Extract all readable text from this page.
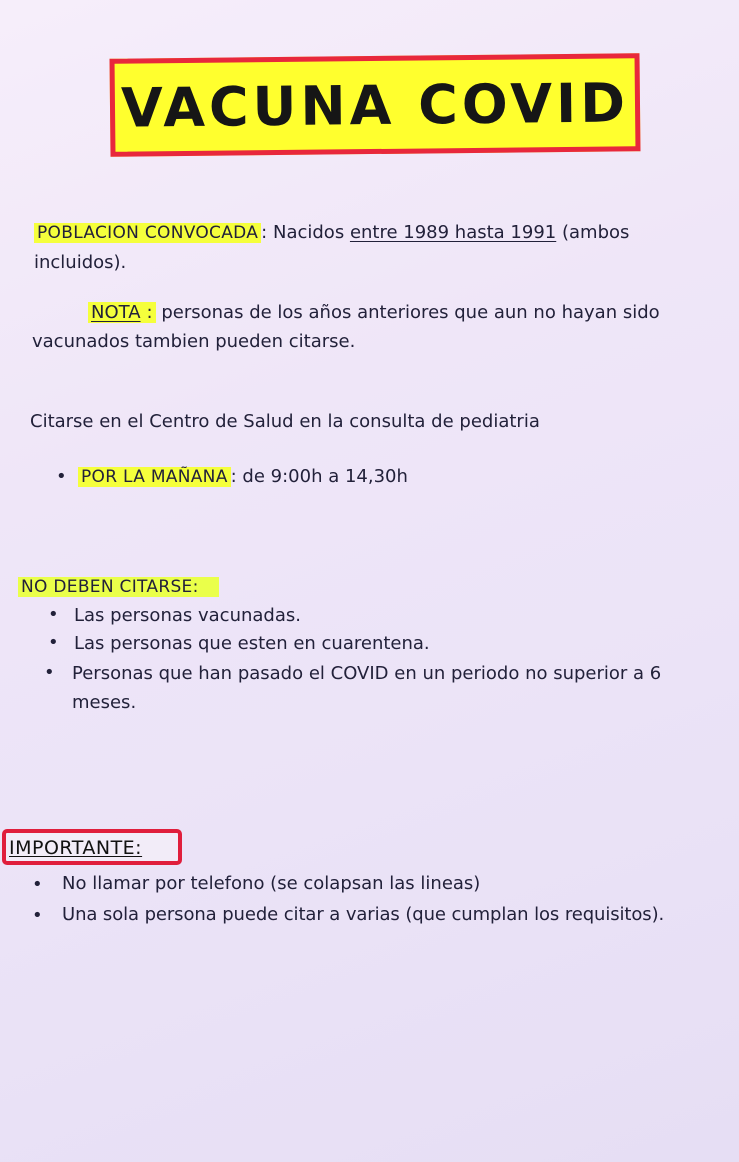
VACUNA COVID
POBLACION CONVOCADA : Nacidos entre 1989 hasta 1991 (ambos
incluidos).
NOTA : personas de los años anteriores que aun no hayan sido
vacunados tambien pueden citarse.
Citarse en el Centro de Salud en la consulta de pediatria
• POR LA MAÑANA : de 9:00h a 14,30h
NO DEBEN CITARSE:
• Las personas vacunadas.
• Las personas que esten en cuarentena.
• Personas que han pasado el COVID en un periodo no superior a 6
meses.
IMPORTANTE:
• No llamar por telefono (se colapsan las lineas)
• Una sola persona puede citar a varias (que cumplan los requisitos).
